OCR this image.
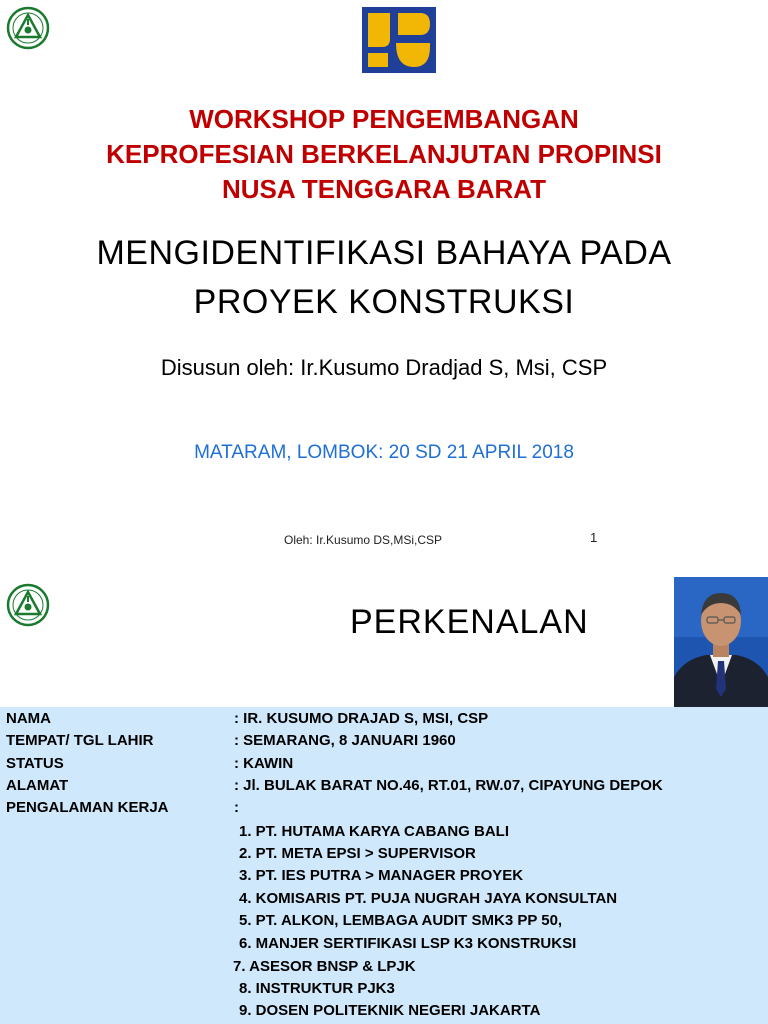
WORKSHOP PENGEMBANGAN
KEPROFESIAN BERKELANJUTAN PROPINSI
NUSA TENGGARA BARAT
MENGIDENTIFIKASI BAHAYA PADA
PROYEK KONSTRUKSI
Disusun oleh: Ir.Kusumo Dradjad S, Msi, CSP
MATARAM, LOMBOK: 20 SD 21 APRIL 2018
Oleh: Ir.Kusumo DS,MSi,CSP	1
PERKENALAN
NAMA	: IR. KUSUMO DRAJAD S, MSI, CSP
TEMPAT/ TGL LAHIR	: SEMARANG, 8 JANUARI 1960
STATUS	: KAWIN
ALAMAT	: Jl. BULAK BARAT NO.46, RT.01, RW.07, CIPAYUNG DEPOK
PENGALAMAN KERJA	:
1. PT. HUTAMA KARYA CABANG BALI
2. PT. META EPSI > SUPERVISOR
3. PT. IES PUTRA > MANAGER PROYEK
4. KOMISARIS PT. PUJA NUGRAH JAYA KONSULTAN
5. PT. ALKON, LEMBAGA AUDIT SMK3 PP 50,
6. MANJER SERTIFIKASI LSP K3 KONSTRUKSI
7. ASESOR BNSP & LPJK
8. INSTRUKTUR PJK3
9. DOSEN POLITEKNIK NEGERI JAKARTA
